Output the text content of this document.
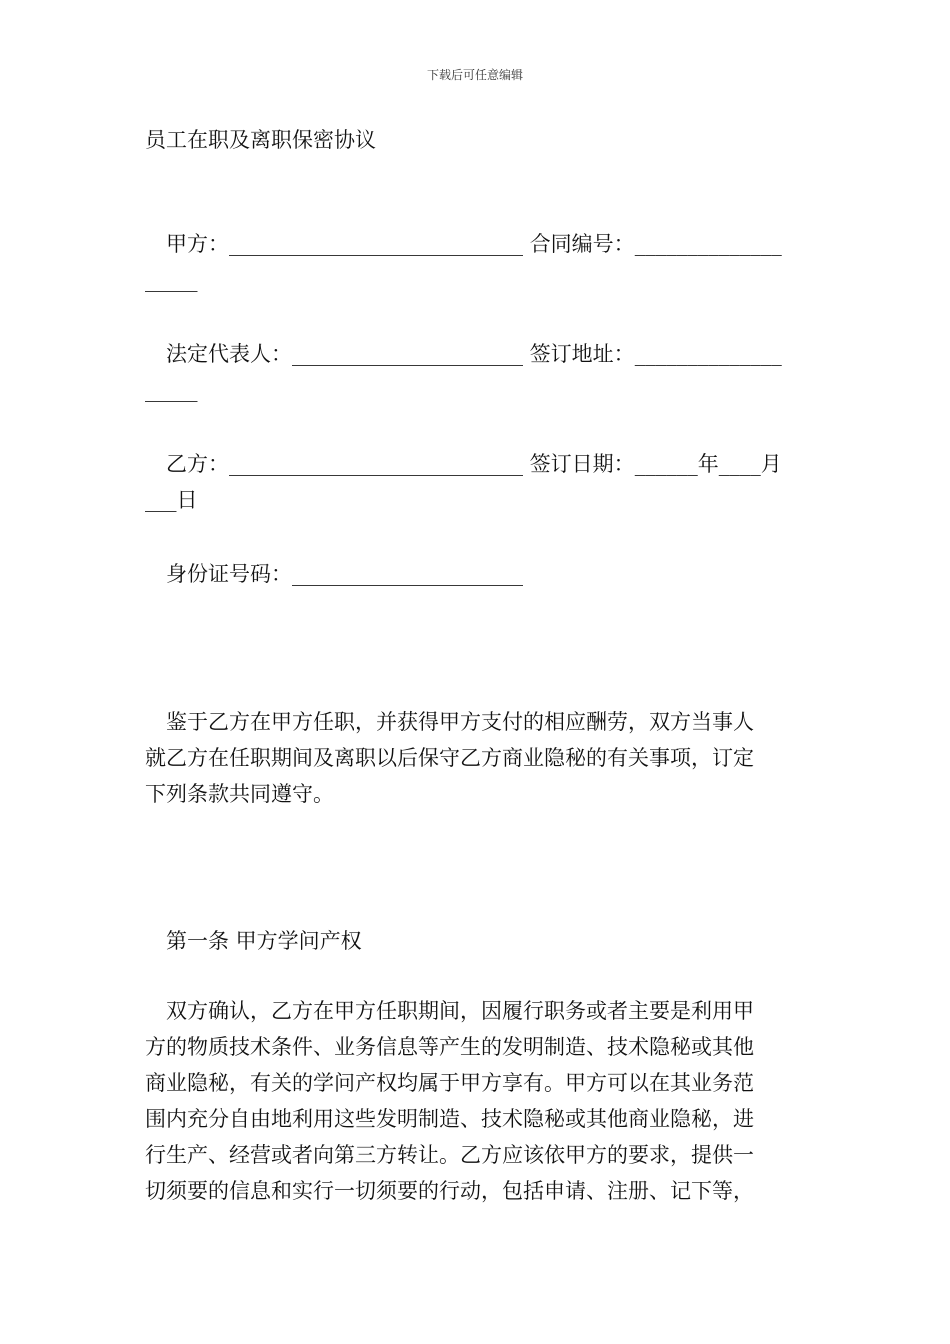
下载后可任意编辑
员工在职及离职保密协议
甲方：____________________________ 合同编号：______________
_____
法定代表人：______________________ 签订地址：______________
_____
乙方：____________________________ 签订日期：______年____月
___日
身份证号码：______________________
鉴于乙方在甲方任职，并获得甲方支付的相应酬劳，双方当事人
就乙方在任职期间及离职以后保守乙方商业隐秘的有关事项，订定
下列条款共同遵守。
第一条 甲方学问产权
双方确认，乙方在甲方任职期间，因履行职务或者主要是利用甲
方的物质技术条件、业务信息等产生的发明制造、技术隐秘或其他
商业隐秘，有关的学问产权均属于甲方享有。甲方可以在其业务范
围内充分自由地利用这些发明制造、技术隐秘或其他商业隐秘，进
行生产、经营或者向第三方转让。乙方应该依甲方的要求，提供一
切须要的信息和实行一切须要的行动，包括申请、注册、记下等，
